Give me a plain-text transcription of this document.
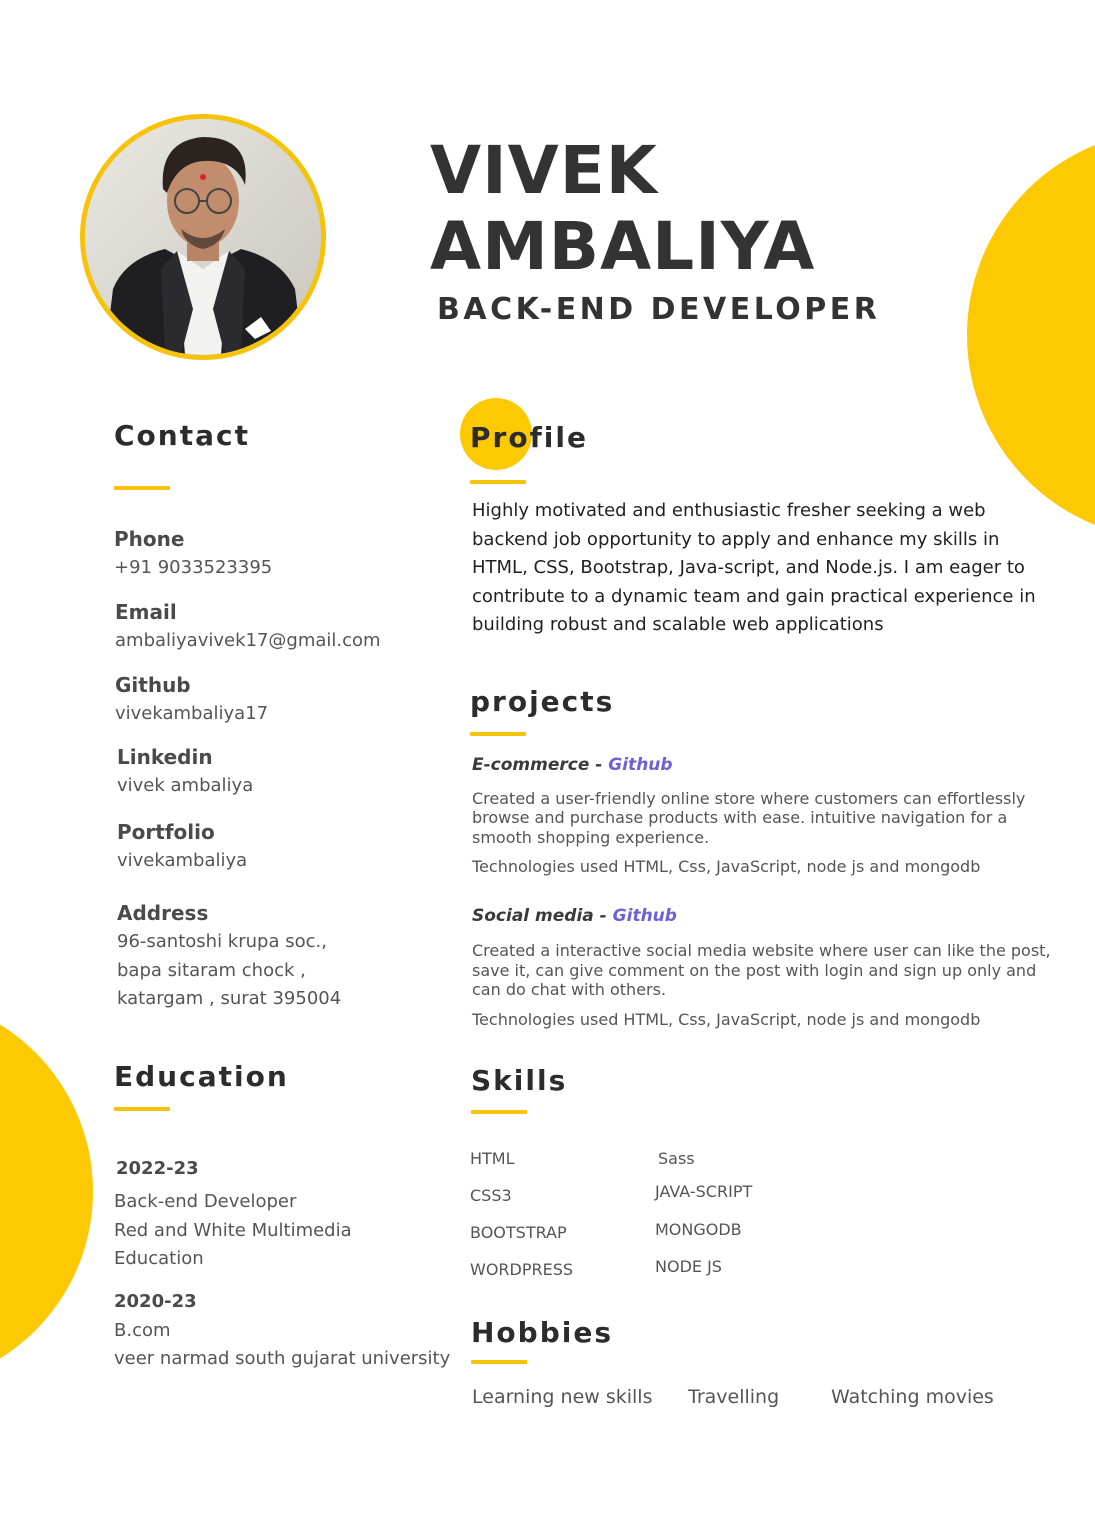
VIVEK
AMBALIYA
BACK-END DEVELOPER
Contact
Phone
+91 9033523395
Email
ambaliyavivek17@gmail.com
Github
vivekambaliya17
Linkedin
vivek ambaliya
Portfolio
vivekambaliya
Address
96-santoshi krupa soc.,
bapa sitaram chock ,
katargam , surat 395004
Education
2022-23
Back-end Developer
Red and White Multimedia
Education
2020-23
B.com
veer narmad south gujarat university
Profile
Highly motivated and enthusiastic fresher seeking a web
backend job opportunity to apply and enhance my skills in
HTML, CSS, Bootstrap, Java-script, and Node.js. I am eager to
contribute to a dynamic team and gain practical experience in
building robust and scalable web applications
projects
E-commerce - Github
Created a user-friendly online store where customers can effortlessly
browse and purchase products with ease. intuitive navigation for a
smooth shopping experience.
Technologies used HTML, Css, JavaScript, node js and mongodb
Social media - Github
Created a interactive social media website where user can like the post,
save it, can give comment on the post with login and sign up only and
can do chat with others.
Technologies used HTML, Css, JavaScript, node js and mongodb
Skills
HTML	Sass
CSS3	JAVA-SCRIPT
BOOTSTRAP	MONGODB
WORDPRESS	NODE JS
Hobbies
Learning new skills Travelling	Watching movies
